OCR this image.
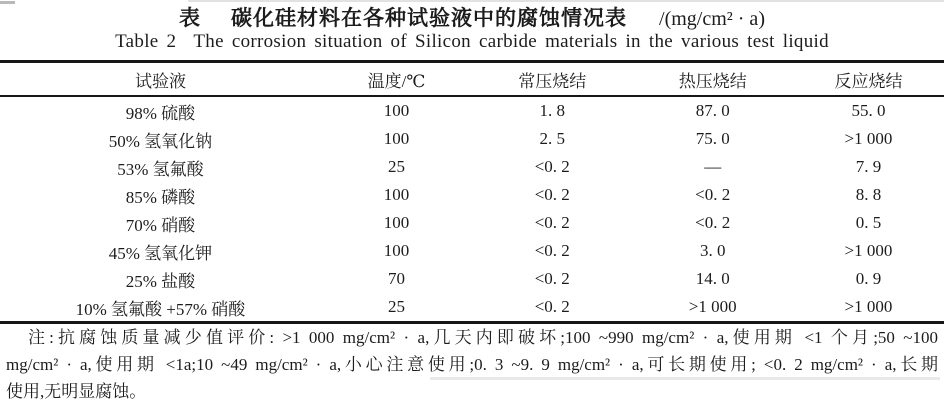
表 碳化硅材料在各种试验液中的腐蚀情况表 /(mg/cm² · a)
Table 2 The corrosion situation of Silicon carbide materials in the various test liquid
试验液	温度/℃	常压烧结	热压烧结	反应烧结
98% 硫酸	100	1. 8	87. 0	55. 0
50% 氢氧化钠	100	2. 5	75. 0	>1 000
53% 氢氟酸	25	<0. 2	—	7. 9
85% 磷酸	100	<0. 2	<0. 2	8. 8
70% 硝酸	100	<0. 2	<0. 2	0. 5
45% 氢氧化钾	100	<0. 2	3. 0	>1 000
25% 盐酸	70	<0. 2	14. 0	0. 9
10% 氢氟酸 +57% 硝酸	25	<0. 2	>1 000	>1 000
注:抗腐蚀质量减少值评价: >1 000 mg/cm² · a,几天内即破坏;100 ~990 mg/cm² · a,使用期 <1 个月;50 ~100
mg/cm² · a,使用期 <1a;10 ~49 mg/cm² · a,小心注意使用;0. 3 ~9. 9 mg/cm² · a,可长期使用; <0. 2 mg/cm² · a,长期
使用,无明显腐蚀。
